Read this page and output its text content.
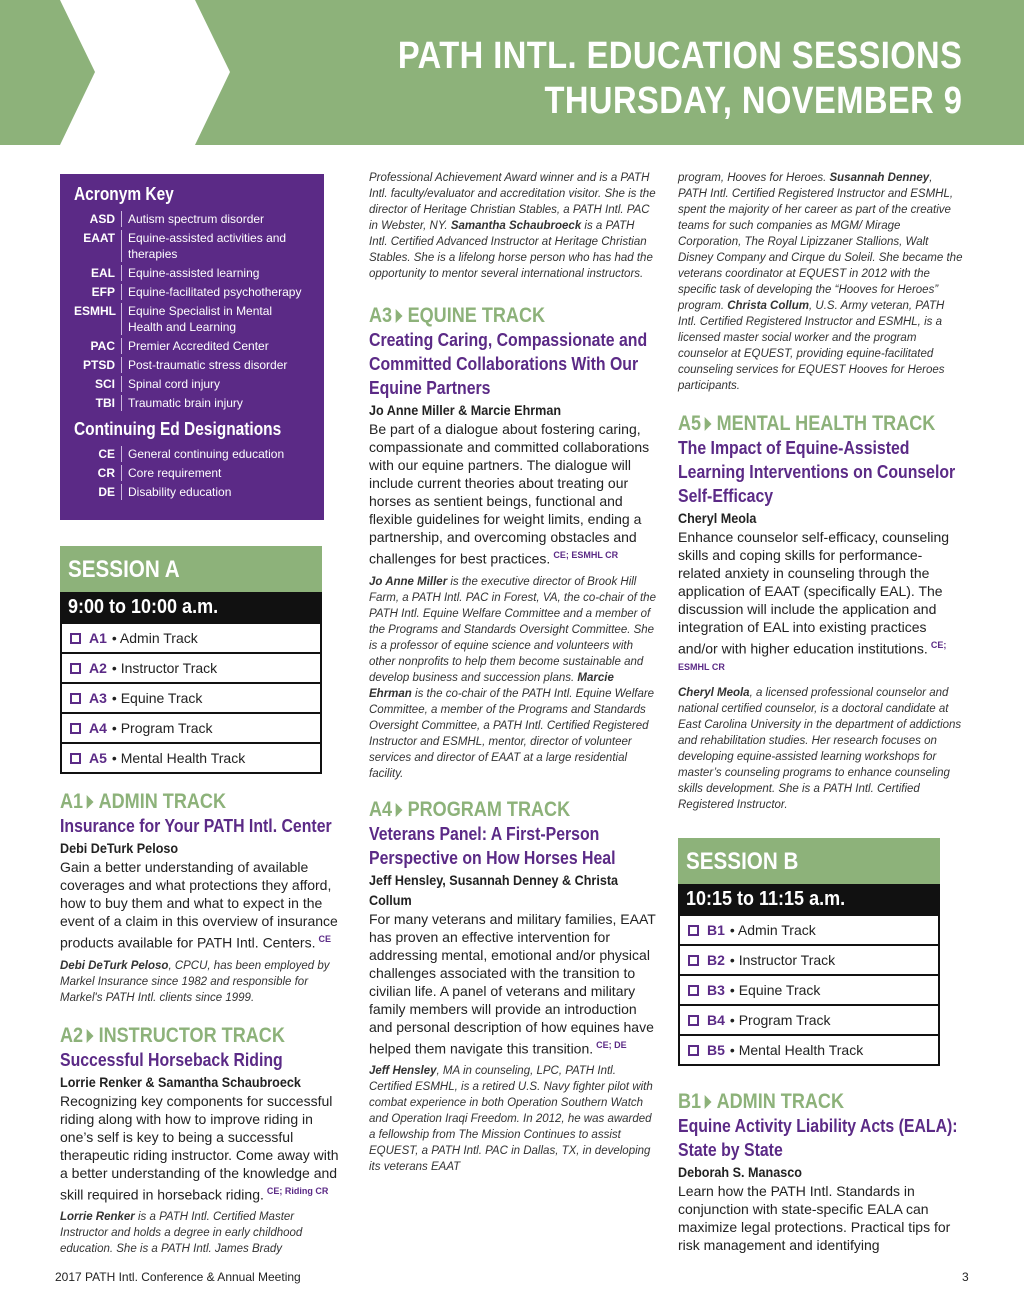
PATH INTL. EDUCATION SESSIONS
THURSDAY, NOVEMBER 9
Acronym Key
ASD	Autism spectrum disorder
EAAT	Equine-assisted activities and therapies
EAL	Equine-assisted learning
EFP	Equine-facilitated psychotherapy
ESMHL	Equine Specialist in Mental Health and Learning
PAC	Premier Accredited Center
PTSD	Post-traumatic stress disorder
SCI	Spinal cord injury
TBI	Traumatic brain injury
Continuing Ed Designations
CE	General continuing education
CR	Core requirement
DE	Disability education
SESSION A
9:00 to 10:00 a.m.
A1 • Admin Track
A2 • Instructor Track
A3 • Equine Track
A4 • Program Track
A5 • Mental Health Track
SESSION B
10:15 to 11:15 a.m.
B1 • Admin Track
B2 • Instructor Track
B3 • Equine Track
B4 • Program Track
B5 • Mental Health Track
A1 ADMIN TRACK
Insurance for Your PATH Intl. Center
Debi DeTurk Peloso
Gain a better understanding of available coverages and what protections they afford, how to buy them and what to expect in the event of a claim in this overview of insurance products available for PATH Intl. Centers. $^{CE}$
Debi DeTurk Peloso, CPCU, has been employed by Markel Insurance since 1982 and responsible for Markel's PATH Intl. clients since 1999.
A2 INSTRUCTOR TRACK
Successful Horseback Riding
Lorrie Renker & Samantha Schaubroeck
Recognizing key components for successful riding along with how to improve riding in one’s self is key to being a successful therapeutic riding instructor. Come away with a better understanding of the knowledge and skill required in horseback riding. $^{CE; Riding CR}$
Lorrie Renker is a PATH Intl. Certified Master Instructor and holds a degree in early childhood education. She is a PATH Intl. James Brady
Professional Achievement Award winner and is a PATH Intl. faculty/evaluator and accreditation visitor. She is the director of Heritage Christian Stables, a PATH Intl. PAC in Webster, NY. Samantha Schaubroeck is a PATH Intl. Certified Advanced Instructor at Heritage Christian Stables. She is a lifelong horse person who has had the opportunity to mentor several international instructors.
A3 EQUINE TRACK
Creating Caring, Compassionate and Committed Collaborations With Our Equine Partners
Jo Anne Miller & Marcie Ehrman
Be part of a dialogue about fostering caring, compassionate and committed collaborations with our equine partners. The dialogue will include current theories about treating our horses as sentient beings, functional and flexible guidelines for weight limits, ending a partnership, and overcoming obstacles and challenges for best practices. $^{CE; ESMHL CR}$
Jo Anne Miller is the executive director of Brook Hill Farm, a PATH Intl. PAC in Forest, VA, the co-chair of the PATH Intl. Equine Welfare Committee and a member of the Programs and Standards Oversight Committee. She is a professor of equine science and volunteers with other nonprofits to help them become sustainable and develop business and succession plans. Marcie Ehrman is the co-chair of the PATH Intl. Equine Welfare Committee, a member of the Programs and Standards Oversight Committee, a PATH Intl. Certified Registered Instructor and ESMHL, mentor, director of volunteer services and director of EAAT at a large residential facility.
A4 PROGRAM TRACK
Veterans Panel: A First-Person Perspective on How Horses Heal
Jeff Hensley, Susannah Denney & Christa Collum
For many veterans and military families, EAAT has proven an effective intervention for addressing mental, emotional and/or physical challenges associated with the transition to civilian life. A panel of veterans and military family members will provide an introduction and personal description of how equines have helped them navigate this transition. $^{CE; DE}$
Jeff Hensley, MA in counseling, LPC, PATH Intl. Certified ESMHL, is a retired U.S. Navy fighter pilot with combat experience in both Operation Southern Watch and Operation Iraqi Freedom. In 2012, he was awarded a fellowship from The Mission Continues to assist EQUEST, a PATH Intl. PAC in Dallas, TX, in developing its veterans EAAT
program, Hooves for Heroes. Susannah Denney, PATH Intl. Certified Registered Instructor and ESMHL, spent the majority of her career as part of the creative teams for such companies as MGM/ Mirage Corporation, The Royal Lipizzaner Stallions, Walt Disney Company and Cirque du Soleil. She became the veterans coordinator at EQUEST in 2012 with the specific task of developing the “Hooves for Heroes” program. Christa Collum, U.S. Army veteran, PATH Intl. Certified Registered Instructor and ESMHL, is a licensed master social worker and the program counselor at EQUEST, providing equine-facilitated counseling services for EQUEST Hooves for Heroes participants.
A5 MENTAL HEALTH TRACK
The Impact of Equine-Assisted Learning Interventions on Counselor Self-Efficacy
Cheryl Meola
Enhance counselor self-efficacy, counseling skills and coping skills for performance-related anxiety in counseling through the application of EAAT (specifically EAL). The discussion will include the application and integration of EAL into existing practices and/or with higher education institutions. $^{CE; ESMHL CR}$
Cheryl Meola, a licensed professional counselor and national certified counselor, is a doctoral candidate at East Carolina University in the department of addictions and rehabilitation studies. Her research focuses on developing equine-assisted learning workshops for master’s counseling programs to enhance counseling skills development. She is a PATH Intl. Certified Registered Instructor.
B1 ADMIN TRACK
Equine Activity Liability Acts (EALA): State by State
Deborah S. Manasco
Learn how the PATH Intl. Standards in conjunction with state-specific EALA can maximize legal protections. Practical tips for risk management and identifying
2017 PATH Intl. Conference & Annual Meeting	3
